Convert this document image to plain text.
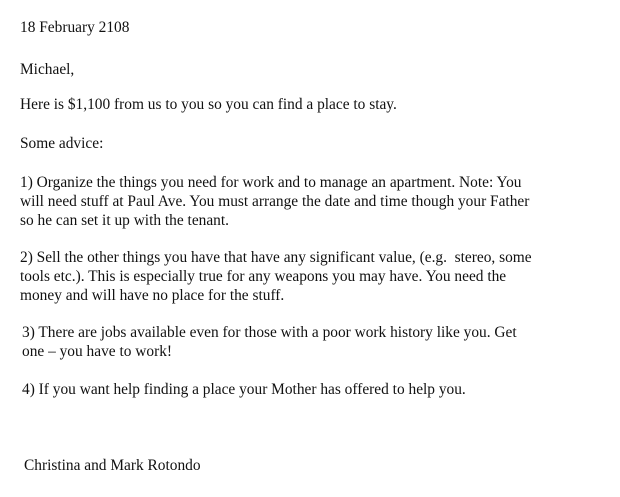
18 February 2108

Michael,

Here is $1,100 from us to you so you can find a place to stay.

Some advice:

1) Organize the things you need for work and to manage an apartment. Note: You
will need stuff at Paul Ave. You must arrange the date and time though your Father
so he can set it up with the tenant.
2) Sell the other things you have that have any significant value, (e.g.  stereo, some
tools etc.). This is especially true for any weapons you may have. You need the
money and will have no place for the stuff.
3) There are jobs available even for those with a poor work history like you. Get
one – you have to work!
4) If you want help finding a place your Mother has offered to help you.

Christina and Mark Rotondo
